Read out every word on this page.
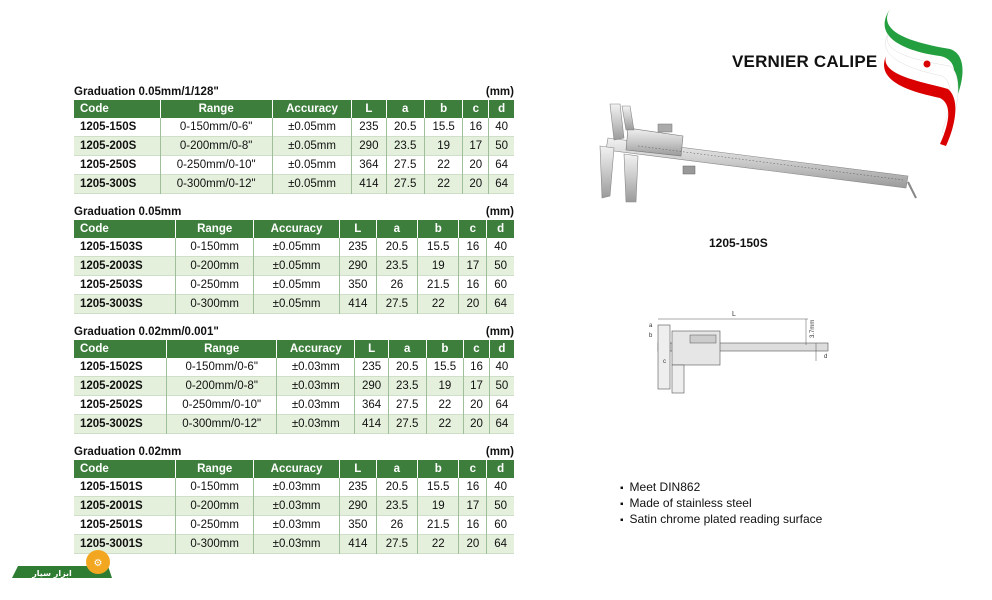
VERNIER CALIPE
Graduation 0.05mm/1/128"	(mm)
Code	Range	Accuracy	L	a	b	c	d
1205-150S	0-150mm/0-6"	±0.05mm	235	20.5	15.5	16	40
1205-200S	0-200mm/0-8"	±0.05mm	290	23.5	19	17	50
1205-250S	0-250mm/0-10"	±0.05mm	364	27.5	22	20	64
1205-300S	0-300mm/0-12"	±0.05mm	414	27.5	22	20	64
Graduation 0.05mm	(mm)
Code	Range	Accuracy	L	a	b	c	d
1205-1503S	0-150mm	±0.05mm	235	20.5	15.5	16	40
1205-2003S	0-200mm	±0.05mm	290	23.5	19	17	50
1205-2503S	0-250mm	±0.05mm	350	26	21.5	16	60
1205-3003S	0-300mm	±0.05mm	414	27.5	22	20	64
Graduation 0.02mm/0.001"	(mm)
Code	Range	Accuracy	L	a	b	c	d
1205-1502S	0-150mm/0-6"	±0.03mm	235	20.5	15.5	16	40
1205-2002S	0-200mm/0-8"	±0.03mm	290	23.5	19	17	50
1205-2502S	0-250mm/0-10"	±0.03mm	364	27.5	22	20	64
1205-3002S	0-300mm/0-12"	±0.03mm	414	27.5	22	20	64
Graduation 0.02mm	(mm)
Code	Range	Accuracy	L	a	b	c	d
1205-1501S	0-150mm	±0.03mm	235	20.5	15.5	16	40
1205-2001S	0-200mm	±0.03mm	290	23.5	19	17	50
1205-2501S	0-250mm	±0.03mm	350	26	21.5	16	60
1205-3001S	0-300mm	±0.03mm	414	27.5	22	20	64
1205-150S
L
a
b
c
d
3.7mm
▪ Meet DIN862
▪ Made of stainless steel
▪ Satin chrome plated reading surface
⚙
ابزار سیار
